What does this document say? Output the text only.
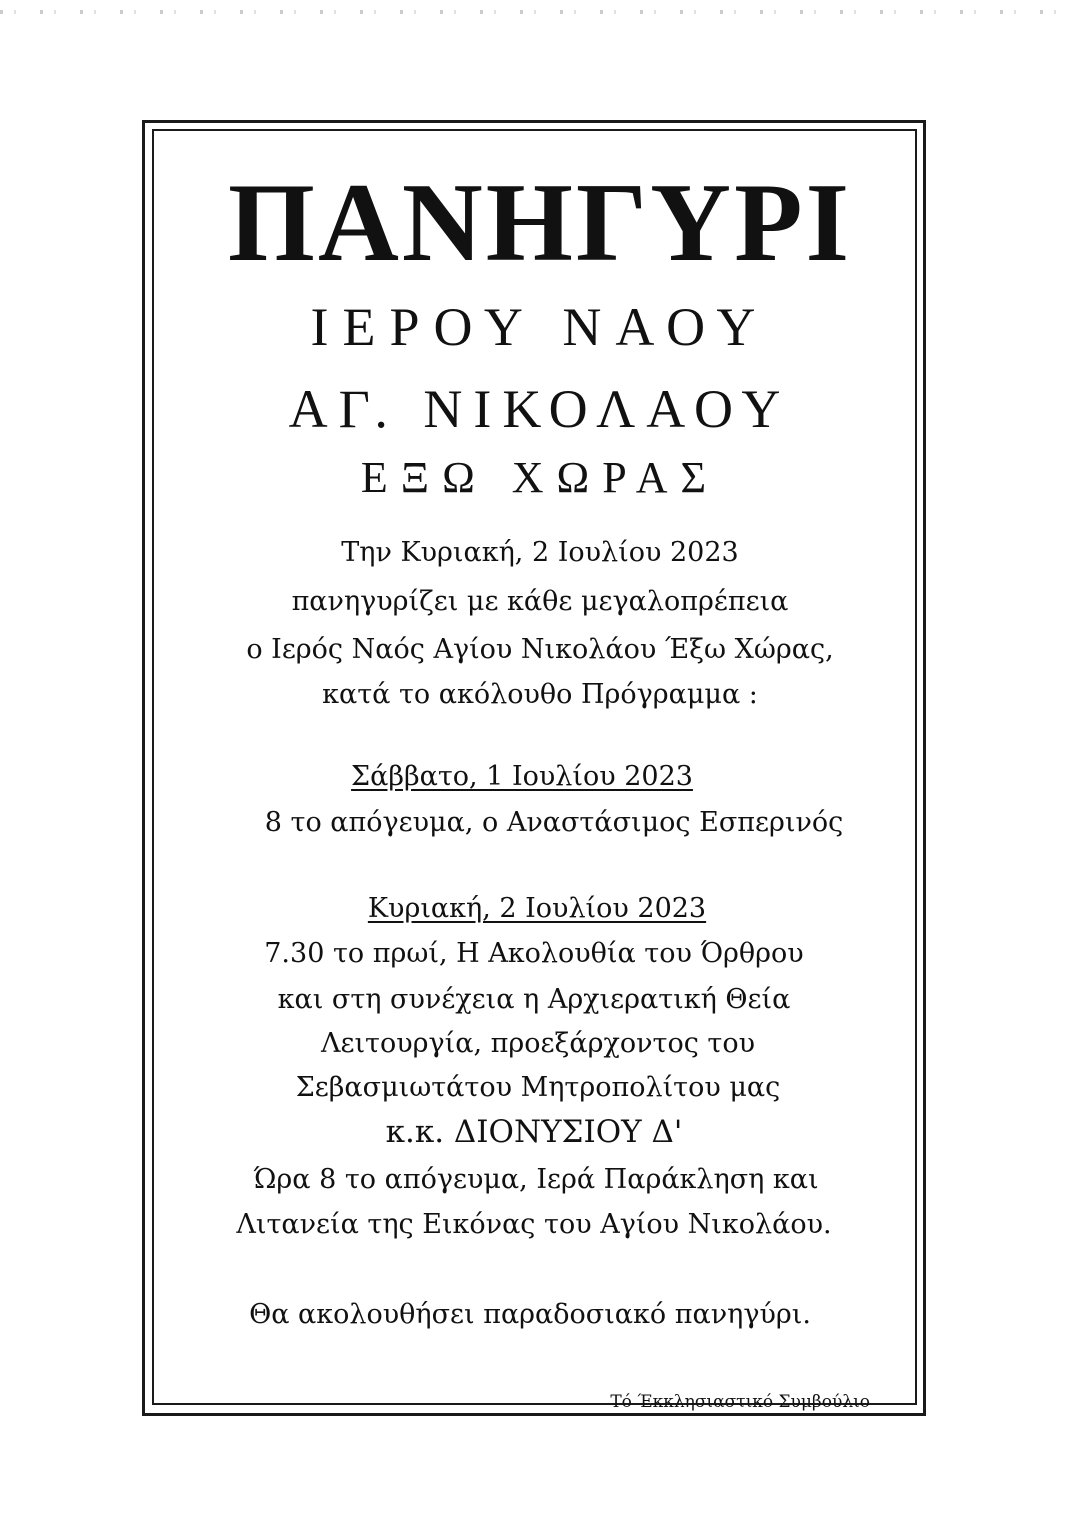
ΠΑΝΗΓΥΡΙ

ΙΕΡΟΥ ΝΑΟΥ

ΑΓ. ΝΙΚΟΛΑΟΥ

ΕΞΩ ΧΩΡΑΣ

Την Κυριακή, 2 Ιουλίου 2023

πανηγυρίζει με κάθε μεγαλοπρέπεια

ο Ιερός Ναός Αγίου Νικολάου Έξω Χώρας,

κατά το ακόλουθο Πρόγραμμα :

Σάββατο, 1 Ιουλίου 2023

8 το απόγευμα, ο Αναστάσιμος Εσπερινός

Κυριακή, 2 Ιουλίου 2023

7.30 το πρωί, Η Ακολουθία του Όρθρου

και στη συνέχεια η Αρχιερατική Θεία

Λειτουργία, προεξάρχοντος του

Σεβασμιωτάτου Μητροπολίτου μας

κ.κ. ΔΙΟΝΥΣΙΟΥ Δ'

Ώρα 8 το απόγευμα, Ιερά Παράκληση και

Λιτανεία της Εικόνας του Αγίου Νικολάου.

Θα ακολουθήσει παραδοσιακό πανηγύρι.

Τό Έκκλησιαστικό Συμβούλιο
